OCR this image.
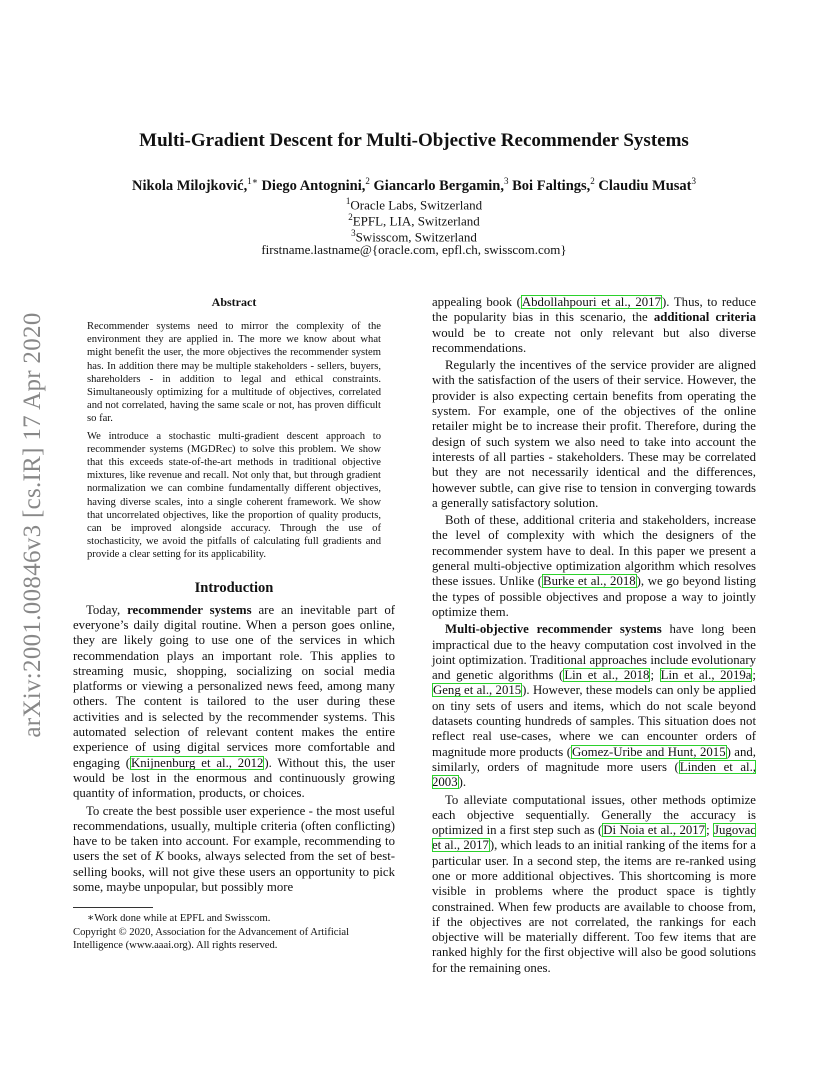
arXiv:2001.00846v3 [cs.IR] 17 Apr 2020
Multi-Gradient Descent for Multi-Objective Recommender Systems
Nikola Milojković,$^{1∗}$ Diego Antognini,$^2$ Giancarlo Bergamin,$^3$ Boi Faltings,$^2$ Claudiu Musat$^3$
$^1$Oracle Labs, Switzerland
$^2$EPFL, LIA, Switzerland
$^3$Swisscom, Switzerland
firstname.lastname@{oracle.com, epfl.ch, swisscom.com}
Abstract

Recommender systems need to mirror the complexity of the environment they are applied in. The more we know about what might benefit the user, the more objectives the recommender system has. In addition there may be multiple stakeholders - sellers, buyers, shareholders - in addition to legal and ethical constraints. Simultaneously optimizing for a multitude of objectives, correlated and not correlated, having the same scale or not, has proven difficult so far.

We introduce a stochastic multi-gradient descent approach to recommender systems (MGDRec) to solve this problem. We show that this exceeds state-of-the-art methods in traditional objective mixtures, like revenue and recall. Not only that, but through gradient normalization we can combine fundamentally different objectives, having diverse scales, into a single coherent framework. We show that uncorrelated objectives, like the proportion of quality products, can be improved alongside accuracy. Through the use of stochasticity, we avoid the pitfalls of calculating full gradients and provide a clear setting for its applicability.

Introduction

Today, recommender systems are an inevitable part of everyone’s daily digital routine. When a person goes online, they are likely going to use one of the services in which recommendation plays an important role. This applies to streaming music, shopping, socializing on social media platforms or viewing a personalized news feed, among many others. The content is tailored to the user during these activities and is selected by the recommender systems. This automated selection of relevant content makes the entire experience of using digital services more comfortable and engaging (Knijnenburg et al., 2012). Without this, the user would be lost in the enormous and continuously growing quantity of information, products, or choices.

To create the best possible user experience - the most useful recommendations, usually, multiple criteria (often conflicting) have to be taken into account. For example, recommending to users the set of K books, always selected from the set of best-selling books, will not give these users an opportunity to pick some, maybe unpopular, but possibly more

appealing book (Abdollahpouri et al., 2017). Thus, to reduce the popularity bias in this scenario, the additional criteria would be to create not only relevant but also diverse recommendations.

Regularly the incentives of the service provider are aligned with the satisfaction of the users of their service. However, the provider is also expecting certain benefits from operating the system. For example, one of the objectives of the online retailer might be to increase their profit. Therefore, during the design of such system we also need to take into account the interests of all parties - stakeholders. These may be correlated but they are not necessarily identical and the differences, however subtle, can give rise to tension in converging towards a generally satisfactory solution.

Both of these, additional criteria and stakeholders, increase the level of complexity with which the designers of the recommender system have to deal. In this paper we present a general multi-objective optimization algorithm which resolves these issues. Unlike (Burke et al., 2018), we go beyond listing the types of possible objectives and propose a way to jointly optimize them.

Multi-objective recommender systems have long been impractical due to the heavy computation cost involved in the joint optimization. Traditional approaches include evolutionary and genetic algorithms (Lin et al., 2018; Lin et al., 2019a; Geng et al., 2015). However, these models can only be applied on tiny sets of users and items, which do not scale beyond datasets counting hundreds of samples. This situation does not reflect real use-cases, where we can encounter orders of magnitude more products (Gomez-Uribe and Hunt, 2015) and, similarly, orders of magnitude more users (Linden et al., 2003).

To alleviate computational issues, other methods optimize each objective sequentially. Generally the accuracy is optimized in a first step such as (Di Noia et al., 2017; Jugovac et al., 2017), which leads to an initial ranking of the items for a particular user. In a second step, the items are re-ranked using one or more additional objectives. This shortcoming is more visible in problems where the product space is tightly constrained. When few products are available to choose from, if the objectives are not correlated, the rankings for each objective will be materially different. Too few items that are ranked highly for the first objective will also be good solutions for the remaining ones.

∗Work done while at EPFL and Swisscom.
Copyright © 2020, Association for the Advancement of Artificial Intelligence (www.aaai.org). All rights reserved.
